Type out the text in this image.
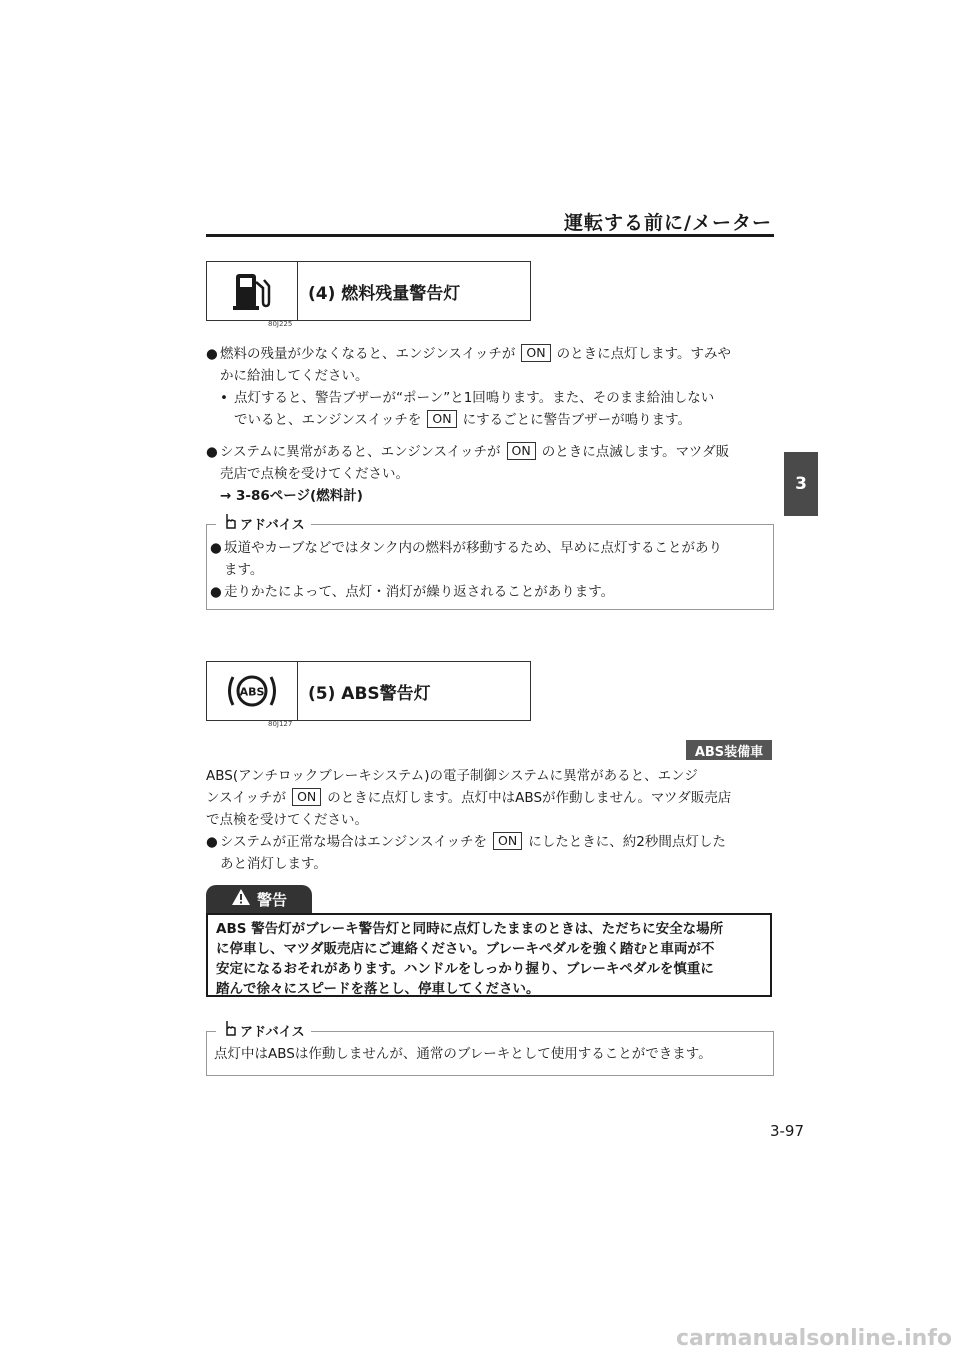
運転する前に/メーター
3
(4) 燃料残量警告灯
80J225
● 燃料の残量が少なくなると、エンジンスイッチが ON のときに点灯します。すみや
かに給油してください。
• 点灯すると、警告ブザーが“ポーン”と1回鳴ります。また、そのまま給油しない
でいると、エンジンスイッチを ON にするごとに警告ブザーが鳴ります。
● システムに異常があると、エンジンスイッチが ON のときに点滅します。マツダ販
売店で点検を受けてください。
→ 3-86ページ(燃料計)
アドバイス
● 坂道やカーブなどではタンク内の燃料が移動するため、早めに点灯することがあり
ます。
● 走りかたによって、点灯・消灯が繰り返されることがあります。
ABS	(5) ABS警告灯
80J127
ABS装備車
ABS(アンチロックブレーキシステム)の電子制御システムに異常があると、エンジ
ンスイッチが ON のときに点灯します。点灯中はABSが作動しません。マツダ販売店
で点検を受けてください。
● システムが正常な場合はエンジンスイッチを ON にしたときに、約2秒間点灯した
あと消灯します。
警告
ABS 警告灯がブレーキ警告灯と同時に点灯したままのときは、ただちに安全な場所
に停車し、マツダ販売店にご連絡ください。ブレーキペダルを強く踏むと車両が不
安定になるおそれがあります。ハンドルをしっかり握り、ブレーキペダルを慎重に
踏んで徐々にスピードを落とし、停車してください。
アドバイス
点灯中はABSは作動しませんが、通常のブレーキとして使用することができます。
3-97
carmanualsonline.info
